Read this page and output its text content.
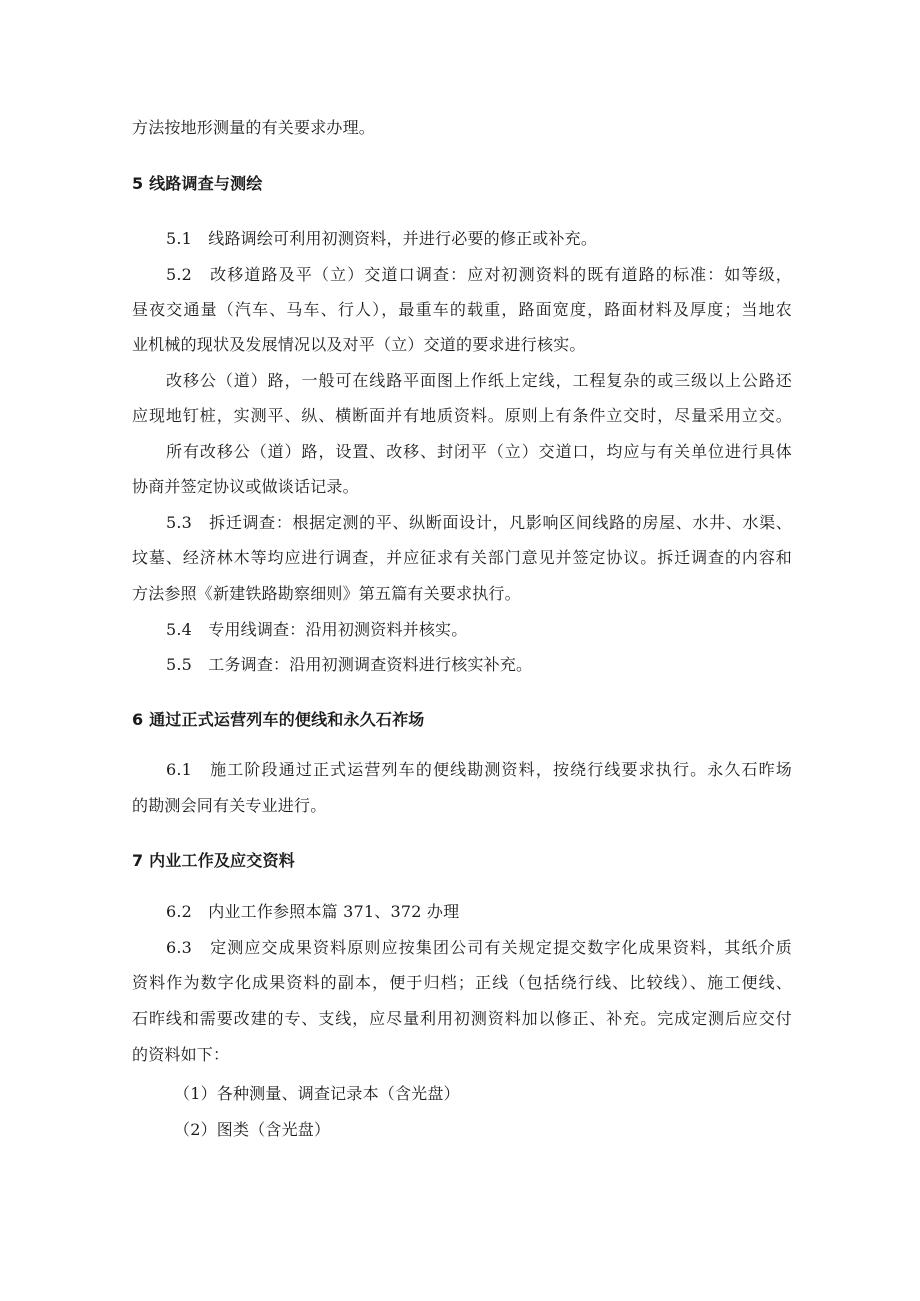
方法按地形测量的有关要求办理。
5 线路调查与测绘
5.1　线路调绘可利用初测资料，并进行必要的修正或补充。
5.2　改移道路及平（立）交道口调查：应对初测资料的既有道路的标准：如等级，
昼夜交通量（汽车、马车、行人），最重车的载重，路面宽度，路面材料及厚度；当地农
业机械的现状及发展情况以及对平（立）交道的要求进行核实。
改移公（道）路，一般可在线路平面图上作纸上定线，工程复杂的或三级以上公路还
应现地钉桩，实测平、纵、横断面并有地质资料。原则上有条件立交时，尽量采用立交。
所有改移公（道）路，设置、改移、封闭平（立）交道口，均应与有关单位进行具体
协商并签定协议或做谈话记录。
5.3　拆迁调查：根据定测的平、纵断面设计，凡影响区间线路的房屋、水井、水渠、
坟墓、经济林木等均应进行调查，并应征求有关部门意见并签定协议。拆迁调查的内容和
方法参照《新建铁路勘察细则》第五篇有关要求执行。
5.4　专用线调查：沿用初测资料并核实。
5.5　工务调查：沿用初测调查资料进行核实补充。
6 通过正式运营列车的便线和永久石祚场
6.1　施工阶段通过正式运营列车的便线勘测资料，按绕行线要求执行。永久石昨场
的勘测会同有关专业进行。
7 内业工作及应交资料
6.2　内业工作参照本篇 371、372 办理
6.3　定测应交成果资料原则应按集团公司有关规定提交数字化成果资料，其纸介质
资料作为数字化成果资料的副本，便于归档；正线（包括绕行线、比较线）、施工便线、
石昨线和需要改建的专、支线，应尽量利用初测资料加以修正、补充。完成定测后应交付
的资料如下：
（1）各种测量、调查记录本（含光盘）
（2）图类（含光盘）
